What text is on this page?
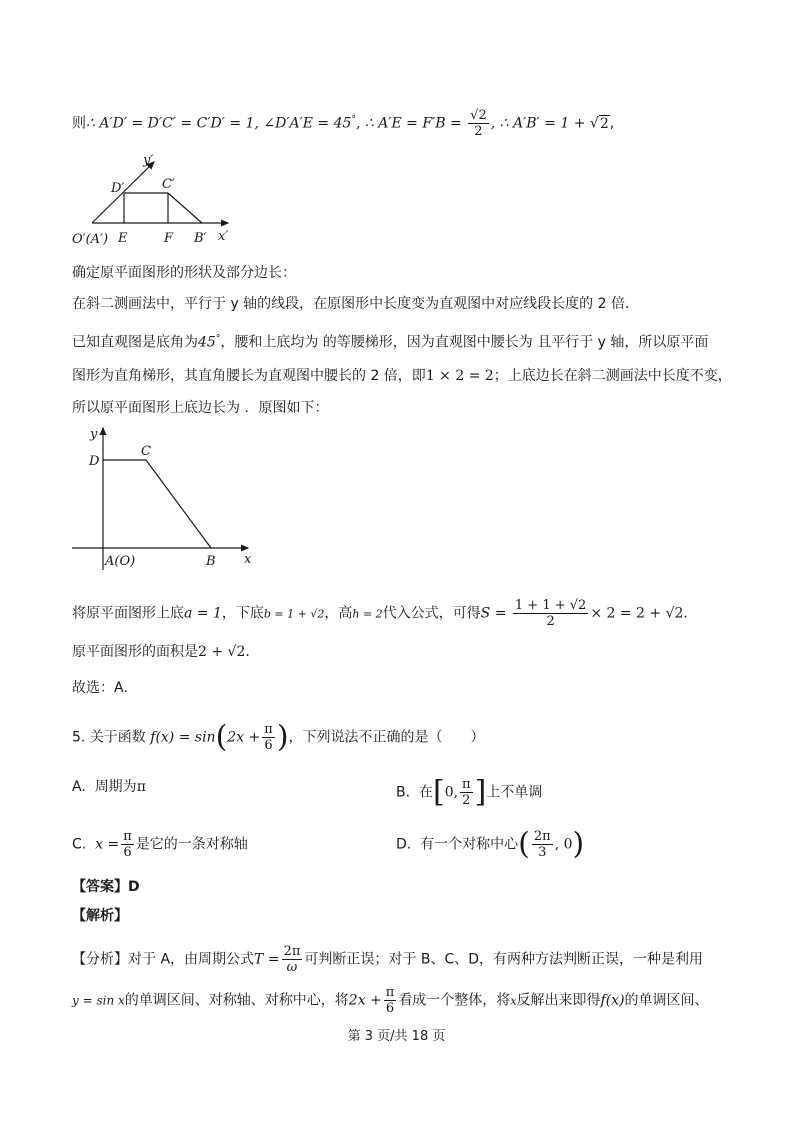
则∴ A′D′ = D′C′ = C′D′ = 1, ∠D′A′E = 45°, ∴ $A'E = F'B = \frac{√2}{2}$ , ∴ A′B′ = 1 + √2,
y′
D′	C′
O′(A′) E	F B′ x′
确定原平面图形的形状及部分边长：
在斜二测画法中，平行于 y 轴的线段，在原图形中长度变为直观图中对应线段长度的 2 倍．
已知直观图是底角为45°，腰和上底均为 的等腰梯形，因为直观图中腰长为 且平行于 y 轴，所以原平面
图形为直角梯形，其直角腰长为直观图中腰长的 2 倍，即1 × 2 = 2；上底边长在斜二测画法中长度不变，
所以原平面图形上底边长为 ．原图如下：
y
D
C
A(O)	B x
将原平面图形上底a = 1，下底b = 1 + √2，高h = 2代入公式，可得$S = \frac{1 + 1 + √2}{2} \times 2 = 2 + √2$．
原平面图形的面积是2 + √2．
故选：A．
5. 关于函数 $f(x) = \sin(2x + \frac{\pi}{6}$ )，下列说法不正确的是（　　）
A. 周期为π	B. 在[0, $\frac{\pi}{2}$ ]上不单调
C. $x = \frac{\pi}{6}$ 是它的一条对称轴	D. 有一个对称中心( $\frac{2\pi}{3}$ , 0)
【答案】D
【解析】
【分析】对于 A，由周期公式$T = \frac{2\pi}{\omega}$ 可判断正误；对于 B、C、D，有两种方法判断正误，一种是利用
y = sin x的单调区间、对称轴、对称中心，将$2x + \frac{\pi}{6}$ 看成一个整体，将x反解出来即得f(x)的单调区间、
第 3 页/共 18 页
